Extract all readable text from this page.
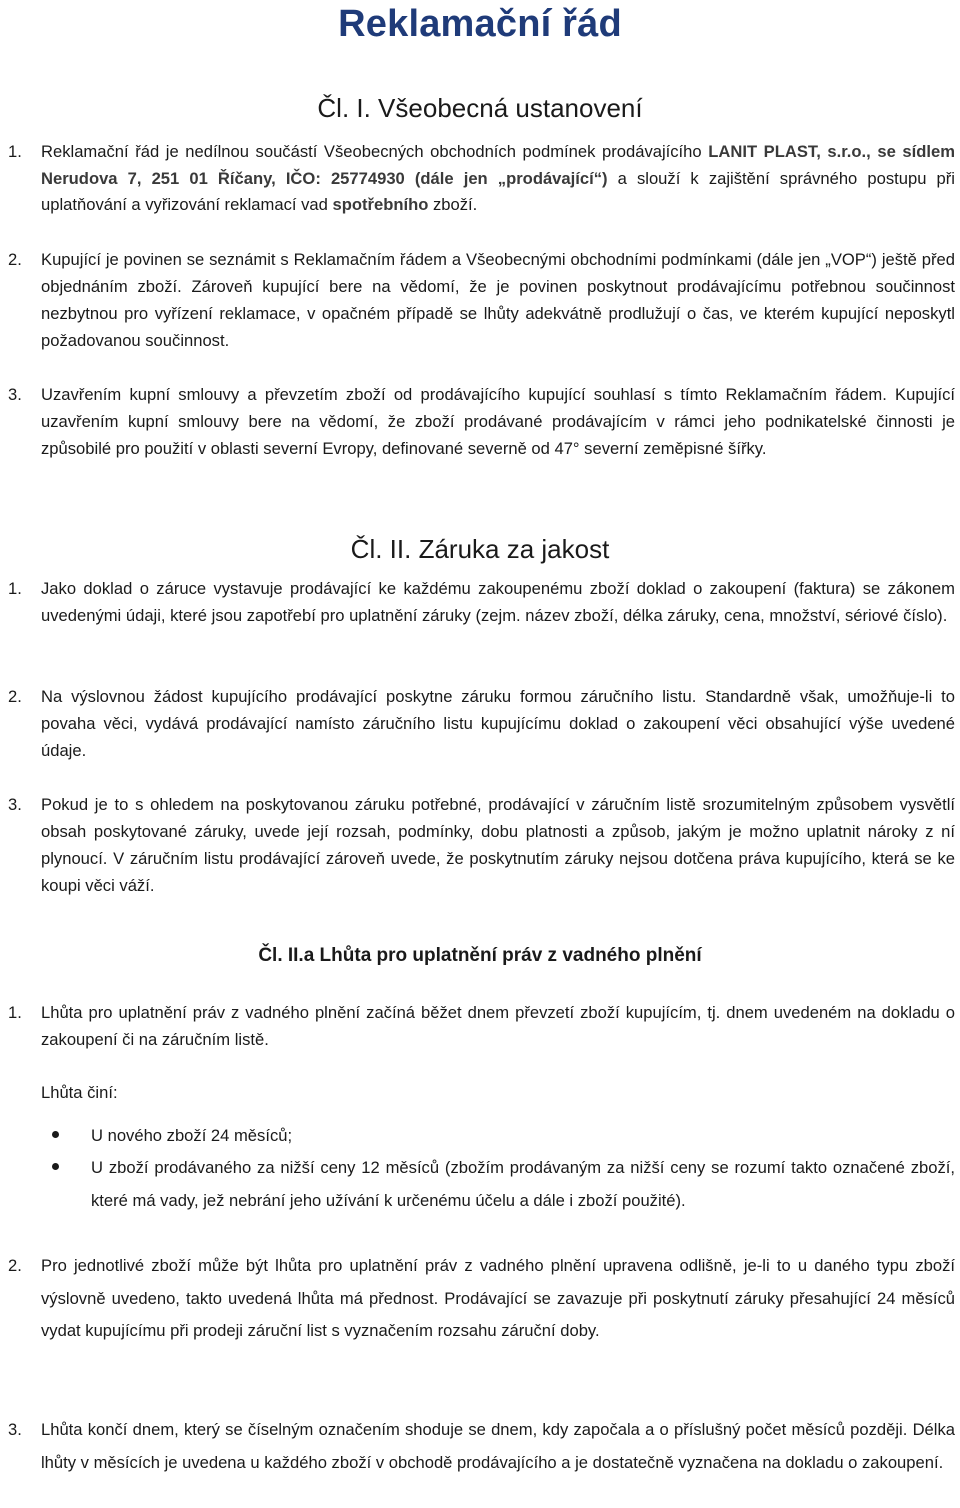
Reklamační řád
Čl. I. Všeobecná ustanovení
1.	Reklamační řád je nedílnou součástí Všeobecných obchodních podmínek prodávajícího LANIT PLAST, s.r.o., se sídlem Nerudova 7, 251 01 Říčany, IČO: 25774930 (dále jen „prodávající“) a slouží k zajištění správného postupu při uplatňování a vyřizování reklamací vad spotřebního zboží.
2.	Kupující je povinen se seznámit s Reklamačním řádem a Všeobecnými obchodními podmínkami (dále jen „VOP“) ještě před objednáním zboží. Zároveň kupující bere na vědomí, že je povinen poskytnout prodávajícímu potřebnou součinnost nezbytnou pro vyřízení reklamace, v opačném případě se lhůty adekvátně prodlužují o čas, ve kterém kupující neposkytl požadovanou součinnost.
3.	Uzavřením kupní smlouvy a převzetím zboží od prodávajícího kupující souhlasí s tímto Reklamačním řádem. Kupující uzavřením kupní smlouvy bere na vědomí, že zboží prodávané prodávajícím v rámci jeho podnikatelské činnosti je způsobilé pro použití v oblasti severní Evropy, definované severně od 47° severní zeměpisné šířky.
Čl. II. Záruka za jakost
1.	Jako doklad o záruce vystavuje prodávající ke každému zakoupenému zboží doklad o zakoupení (faktura) se zákonem uvedenými údaji, které jsou zapotřebí pro uplatnění záruky (zejm. název zboží, délka záruky, cena, množství, sériové číslo).
2.	Na výslovnou žádost kupujícího prodávající poskytne záruku formou záručního listu. Standardně však, umožňuje-li to povaha věci, vydává prodávající namísto záručního listu kupujícímu doklad o zakoupení věci obsahující výše uvedené údaje.
3.	Pokud je to s ohledem na poskytovanou záruku potřebné, prodávající v záručním listě srozumitelným způsobem vysvětlí obsah poskytované záruky, uvede její rozsah, podmínky, dobu platnosti a způsob, jakým je možno uplatnit nároky z ní plynoucí. V záručním listu prodávající zároveň uvede, že poskytnutím záruky nejsou dotčena práva kupujícího, která se ke koupi věci váží.
Čl. II.a Lhůta pro uplatnění práv z vadného plnění
1.	Lhůta pro uplatnění práv z vadného plnění začíná běžet dnem převzetí zboží kupujícím, tj. dnem uvedeném na dokladu o zakoupení či na záručním listě.
Lhůta činí:
U nového zboží 24 měsíců;
U zboží prodávaného za nižší ceny 12 měsíců (zbožím prodávaným za nižší ceny se rozumí takto označené zboží, které má vady, jež nebrání jeho užívání k určenému účelu a dále i zboží použité).
2.	Pro jednotlivé zboží může být lhůta pro uplatnění práv z vadného plnění upravena odlišně, je-li to u daného typu zboží výslovně uvedeno, takto uvedená lhůta má přednost. Prodávající se zavazuje při poskytnutí záruky přesahující 24 měsíců vydat kupujícímu při prodeji záruční list s vyznačením rozsahu záruční doby.
3.	Lhůta končí dnem, který se číselným označením shoduje se dnem, kdy započala a o příslušný počet měsíců později. Délka lhůty v měsících je uvedena u každého zboží v obchodě prodávajícího a je dostatečně vyznačena na dokladu o zakoupení.
